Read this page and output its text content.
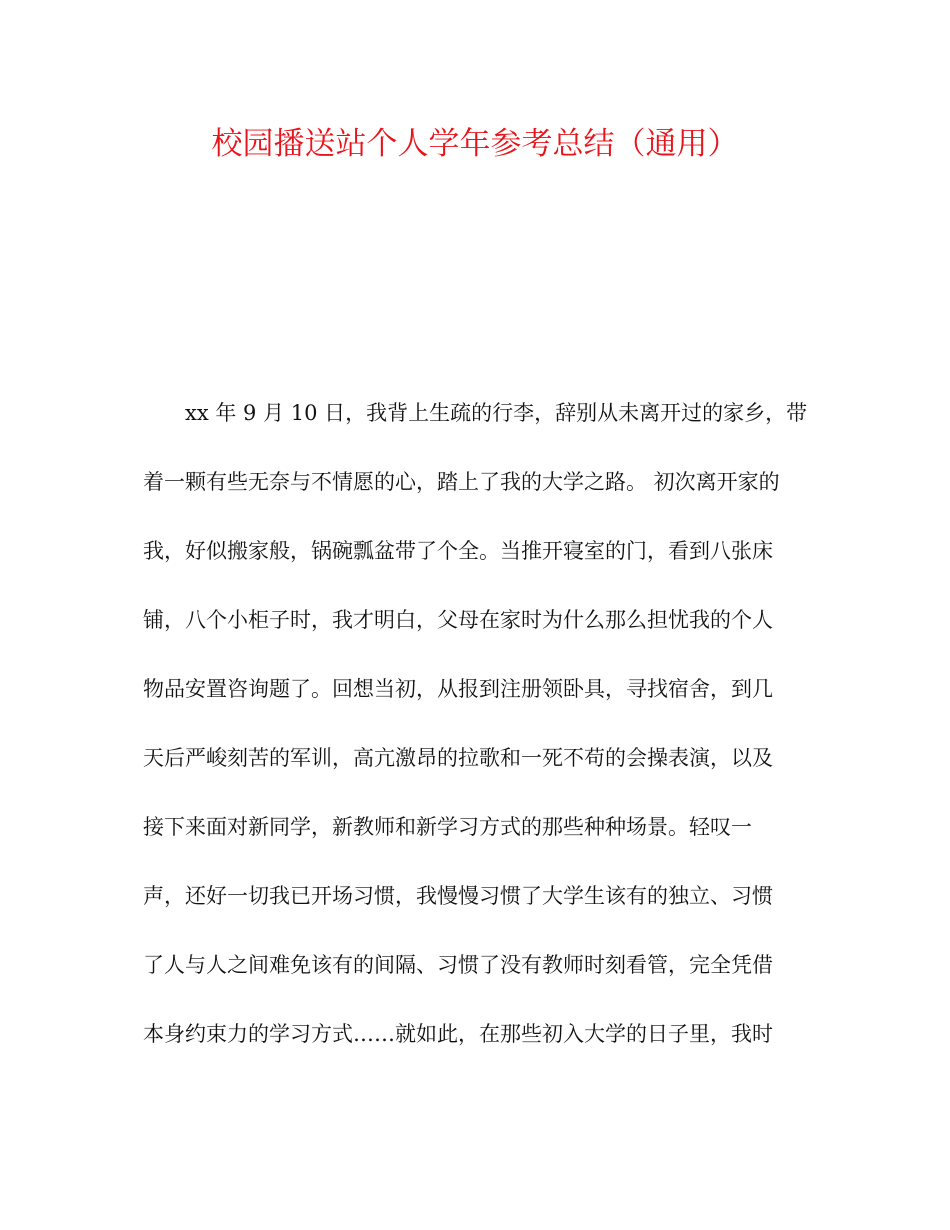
校园播送站个人学年参考总结（通用）
xx 年 9 月 10 日，我背上生疏的行李，辞别从未离开过的家乡，带
着一颗有些无奈与不情愿的心，踏上了我的大学之路。 初次离开家的
我，好似搬家般，锅碗瓢盆带了个全。当推开寝室的门，看到八张床
铺，八个小柜子时，我才明白，父母在家时为什么那么担忧我的个人
物品安置咨询题了。回想当初，从报到注册领卧具，寻找宿舍，到几
天后严峻刻苦的军训，高亢激昂的拉歌和一死不苟的会操表演，以及
接下来面对新同学，新教师和新学习方式的那些种种场景。轻叹一
声，还好一切我已开场习惯，我慢慢习惯了大学生该有的独立、习惯
了人与人之间难免该有的间隔、习惯了没有教师时刻看管，完全凭借
本身约束力的学习方式……就如此，在那些初入大学的日子里，我时
